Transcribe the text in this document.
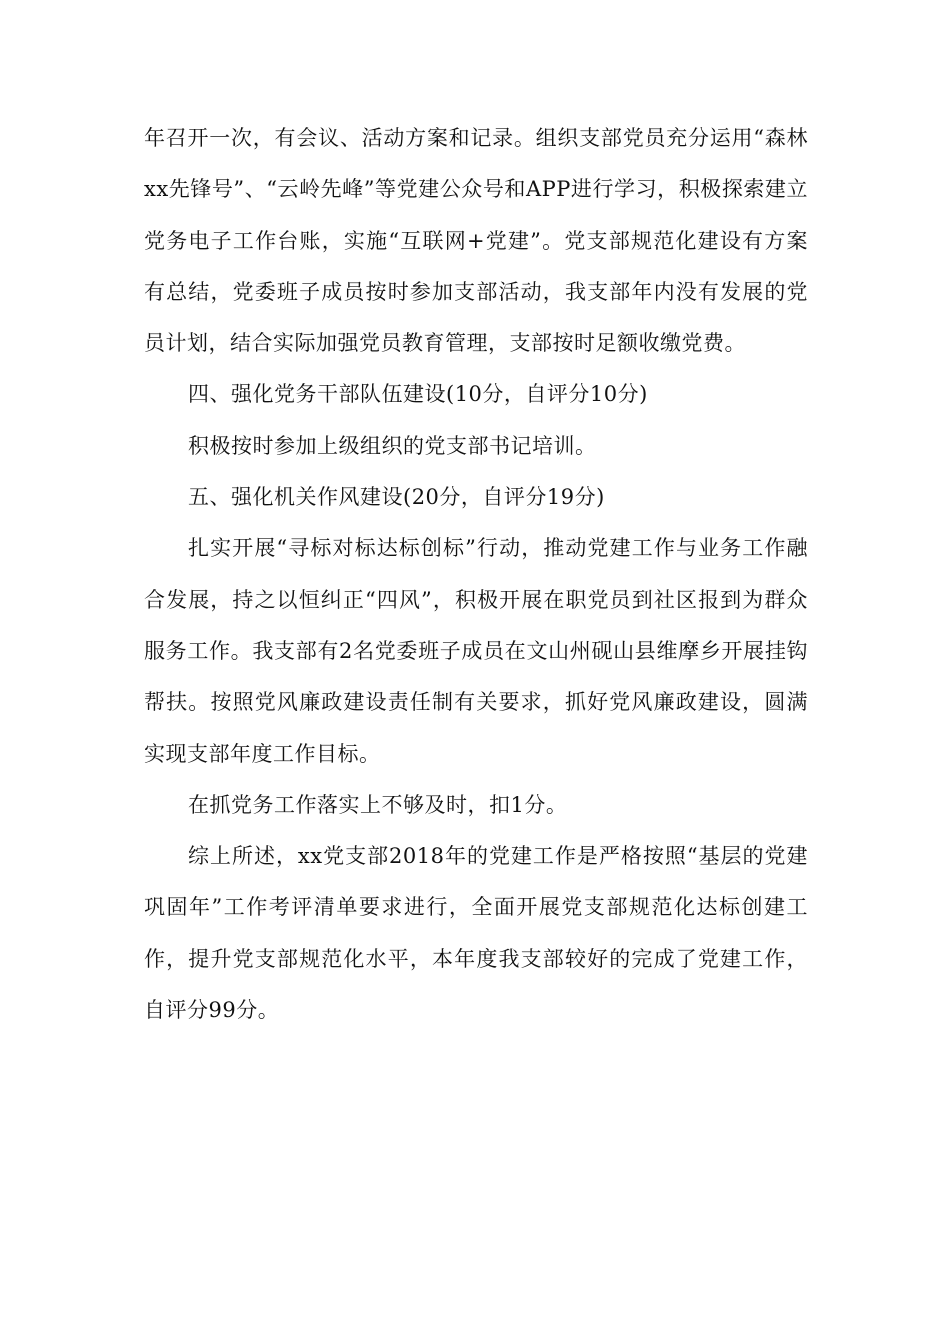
年召开一次，有会议、活动方案和记录。组织支部党员充分运用“森林xx先锋号”、“云岭先峰”等党建公众号和APP进行学习，积极探索建立党务电子工作台账，实施“互联网+党建”。党支部规范化建设有方案有总结，党委班子成员按时参加支部活动，我支部年内没有发展的党员计划，结合实际加强党员教育管理，支部按时足额收缴党费。

四、强化党务干部队伍建设(10分，自评分10分)

积极按时参加上级组织的党支部书记培训。

五、强化机关作风建设(20分，自评分19分)

扎实开展“寻标对标达标创标”行动，推动党建工作与业务工作融合发展，持之以恒纠正“四风”，积极开展在职党员到社区报到为群众服务工作。我支部有2名党委班子成员在文山州砚山县维摩乡开展挂钩帮扶。按照党风廉政建设责任制有关要求，抓好党风廉政建设，圆满实现支部年度工作目标。

在抓党务工作落实上不够及时，扣1分。

综上所述，xx党支部2018年的党建工作是严格按照“基层的党建巩固年”工作考评清单要求进行，全面开展党支部规范化达标创建工作，提升党支部规范化水平，本年度我支部较好的完成了党建工作，自评分99分。
